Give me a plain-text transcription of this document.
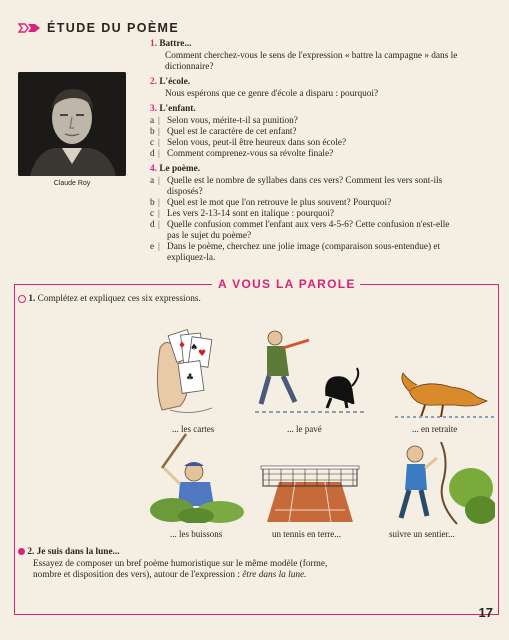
ÉTUDE DU POÈME
Claude Roy
1. Battre...
Comment cherchez-vous le sens de l'expression « battre la campagne » dans le
dictionnaire?
2. L'école.
Nous espérons que ce genre d'école a disparu : pourquoi?
3. L'enfant.
a | Selon vous, mérite-t-il sa punition?
b | Quel est le caractère de cet enfant?
c | Selon vous, peut-il être heureux dans son école?
d | Comment comprenez-vous sa révolte finale?
4. Le poème.
a | Quelle est le nombre de syllabes dans ces vers? Comment les vers sont-ils
disposés?
b | Quel est le mot que l'on retrouve le plus souvent? Pourquoi?
c | Les vers 2-13-14 sont en italique : pourquoi?
d | Quelle confusion commet l'enfant aux vers 4-5-6? Cette confusion n'est-elle
pas le sujet du poème?
e | Dans le poème, cherchez une jolie image (comparaison sous-entendue) et
expliquez-la.
A VOUS LA PAROLE
1. Complétez et expliquez ces six expressions.
♦ ♠
♥
♣
... les cartes	... le pavé	... en retraite
... les buissons	un tennis en terre...	suivre un sentier...
2. Je suis dans la lune...
Essayez de composer un bref poème humoristique sur le même modèle (forme,
nombre et disposition des vers), autour de l'expression : être dans la lune.
17
